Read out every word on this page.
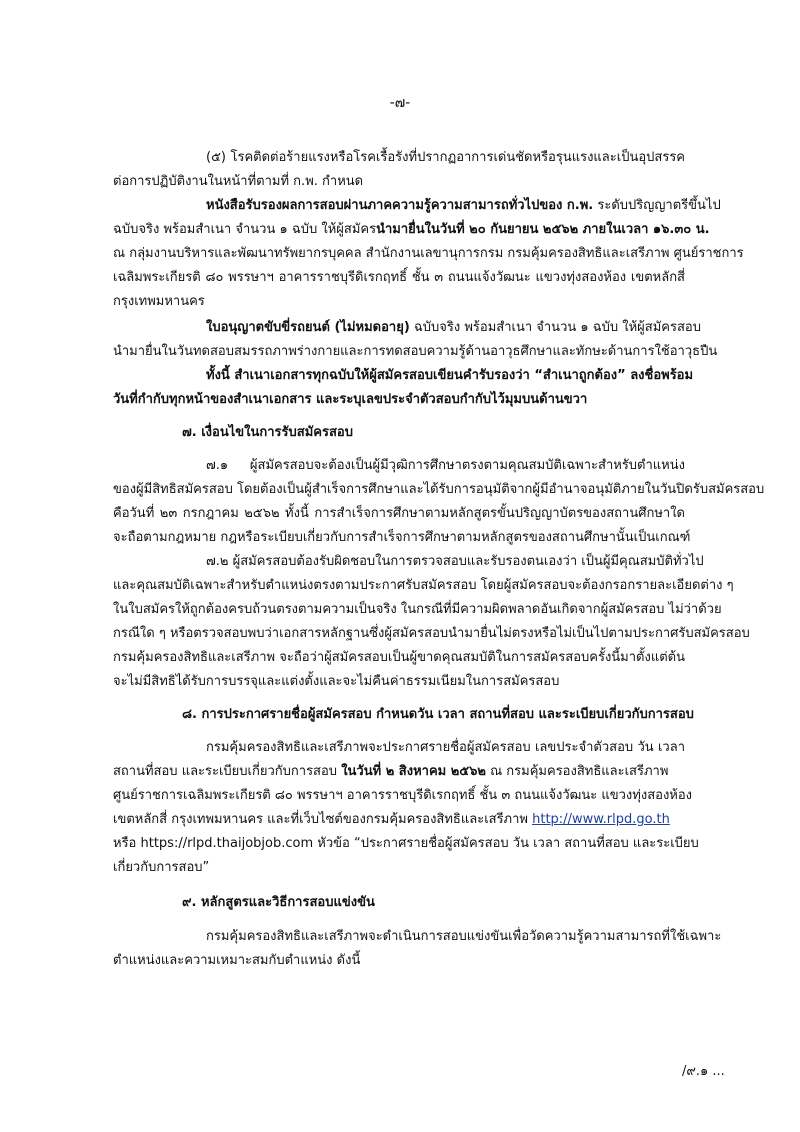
-๗-
(๕) โรคติดต่อร้ายแรงหรือโรคเรื้อรังที่ปรากฏอาการเด่นชัดหรือรุนแรงและเป็นอุปสรรค
ต่อการปฏิบัติงานในหน้าที่ตามที่ ก.พ. กำหนด
หนังสือรับรองผลการสอบผ่านภาคความรู้ความสามารถทั่วไปของ ก.พ. ระดับปริญญาตรีขึ้นไป
ฉบับจริง พร้อมสำเนา จำนวน ๑ ฉบับ ให้ผู้สมัครนำมายื่นในวันที่ ๒๐ กันยายน ๒๕๖๒ ภายในเวลา ๑๖.๓๐ น.
ณ กลุ่มงานบริหารและพัฒนาทรัพยากรบุคคล สำนักงานเลขานุการกรม กรมคุ้มครองสิทธิและเสรีภาพ ศูนย์ราชการ
เฉลิมพระเกียรติ ๘๐ พรรษาฯ อาคารราชบุรีดิเรกฤทธิ์ ชั้น ๓ ถนนแจ้งวัฒนะ แขวงทุ่งสองห้อง เขตหลักสี่
กรุงเทพมหานคร
ใบอนุญาตขับขี่รถยนต์ (ไม่หมดอายุ) ฉบับจริง พร้อมสำเนา จำนวน ๑ ฉบับ ให้ผู้สมัครสอบ
นำมายื่นในวันทดสอบสมรรถภาพร่างกายและการทดสอบความรู้ด้านอาวุธศึกษาและทักษะด้านการใช้อาวุธปืน
ทั้งนี้ สำเนาเอกสารทุกฉบับให้ผู้สมัครสอบเขียนคำรับรองว่า “สำเนาถูกต้อง” ลงชื่อพร้อม
วันที่กำกับทุกหน้าของสำเนาเอกสาร และระบุเลขประจำตัวสอบกำกับไว้มุมบนด้านขวา
๗. เงื่อนไขในการรับสมัครสอบ
๗.๑ ผู้สมัครสอบจะต้องเป็นผู้มีวุฒิการศึกษาตรงตามคุณสมบัติเฉพาะสำหรับตำแหน่ง
ของผู้มีสิทธิสมัครสอบ โดยต้องเป็นผู้สำเร็จการศึกษาและได้รับการอนุมัติจากผู้มีอำนาจอนุมัติภายในวันปิดรับสมัครสอบ
คือวันที่ ๒๓ กรกฎาคม ๒๕๖๒ ทั้งนี้ การสำเร็จการศึกษาตามหลักสูตรขั้นปริญญาบัตรของสถานศึกษาใด
จะถือตามกฎหมาย กฎหรือระเบียบเกี่ยวกับการสำเร็จการศึกษาตามหลักสูตรของสถานศึกษานั้นเป็นเกณฑ์
๗.๒ ผู้สมัครสอบต้องรับผิดชอบในการตรวจสอบและรับรองตนเองว่า เป็นผู้มีคุณสมบัติทั่วไป
และคุณสมบัติเฉพาะสำหรับตำแหน่งตรงตามประกาศรับสมัครสอบ โดยผู้สมัครสอบจะต้องกรอกรายละเอียดต่าง ๆ
ในใบสมัครให้ถูกต้องครบถ้วนตรงตามความเป็นจริง ในกรณีที่มีความผิดพลาดอันเกิดจากผู้สมัครสอบ ไม่ว่าด้วย
กรณีใด ๆ หรือตรวจสอบพบว่าเอกสารหลักฐานซึ่งผู้สมัครสอบนำมายื่นไม่ตรงหรือไม่เป็นไปตามประกาศรับสมัครสอบ
กรมคุ้มครองสิทธิและเสรีภาพ จะถือว่าผู้สมัครสอบเป็นผู้ขาดคุณสมบัติในการสมัครสอบครั้งนี้มาตั้งแต่ต้น
จะไม่มีสิทธิได้รับการบรรจุและแต่งตั้งและจะไม่คืนค่าธรรมเนียมในการสมัครสอบ
๘. การประกาศรายชื่อผู้สมัครสอบ กำหนดวัน เวลา สถานที่สอบ และระเบียบเกี่ยวกับการสอบ
กรมคุ้มครองสิทธิและเสรีภาพจะประกาศรายชื่อผู้สมัครสอบ เลขประจำตัวสอบ วัน เวลา
สถานที่สอบ และระเบียบเกี่ยวกับการสอบ ในวันที่ ๒ สิงหาคม ๒๕๖๒ ณ กรมคุ้มครองสิทธิและเสรีภาพ
ศูนย์ราชการเฉลิมพระเกียรติ ๘๐ พรรษาฯ อาคารราชบุรีดิเรกฤทธิ์ ชั้น ๓ ถนนแจ้งวัฒนะ แขวงทุ่งสองห้อง
เขตหลักสี่ กรุงเทพมหานคร และที่เว็บไซต์ของกรมคุ้มครองสิทธิและเสรีภาพ http://www.rlpd.go.th
หรือ https://rlpd.thaijobjob.com หัวข้อ “ประกาศรายชื่อผู้สมัครสอบ วัน เวลา สถานที่สอบ และระเบียบ
เกี่ยวกับการสอบ”
๙. หลักสูตรและวิธีการสอบแข่งขัน
กรมคุ้มครองสิทธิและเสรีภาพจะดำเนินการสอบแข่งขันเพื่อวัดความรู้ความสามารถที่ใช้เฉพาะ
ตำแหน่งและความเหมาะสมกับตำแหน่ง ดังนี้
/๙.๑ ...
